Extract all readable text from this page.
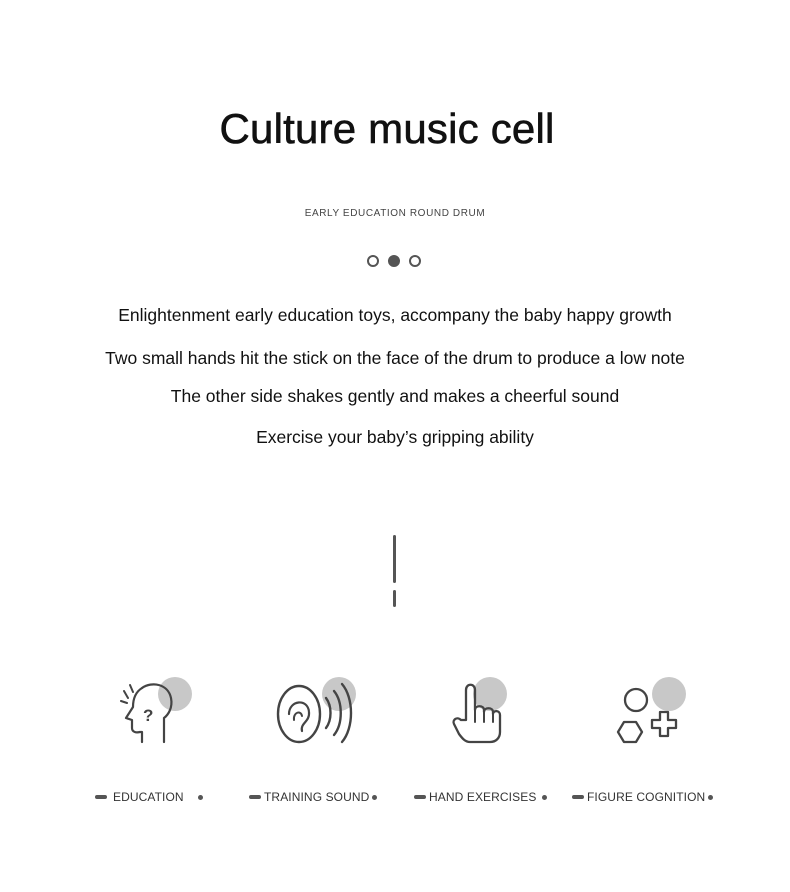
Culture music cell
EARLY EDUCATION ROUND DRUM
Enlightenment early education toys, accompany the baby happy growth
Two small hands hit the stick on the face of the drum to produce a low note
The other side shakes gently and makes a cheerful sound
Exercise your baby’s gripping ability
?
EDUCATION	TRAINING SOUND	HAND EXERCISES	FIGURE COGNITION
